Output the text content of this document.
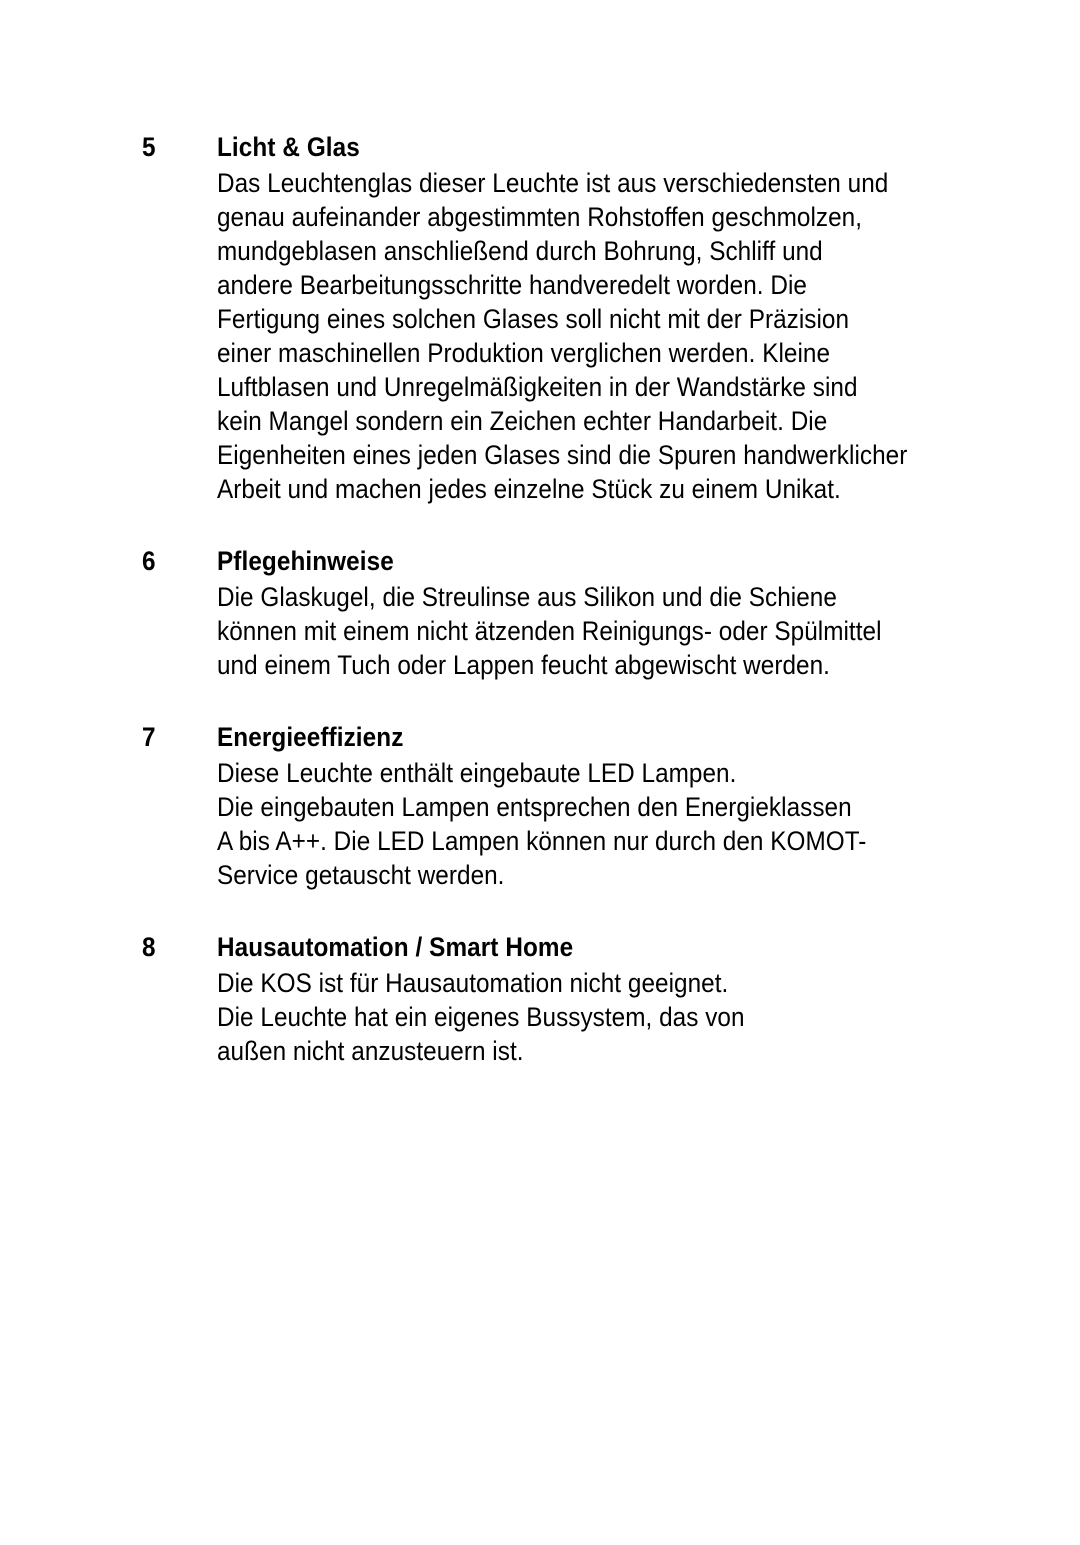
5	Licht & Glas
Das Leuchtenglas dieser Leuchte ist aus verschiedensten und
genau aufeinander abgestimmten Rohstoffen geschmolzen,
mundgeblasen anschließend durch Bohrung, Schliff und
andere Bearbeitungsschritte handveredelt worden. Die
Fertigung eines solchen Glases soll nicht mit der Präzision
einer maschinellen Produktion verglichen werden. Kleine
Luftblasen und Unregelmäßigkeiten in der Wandstärke sind
kein Mangel sondern ein Zeichen echter Handarbeit. Die
Eigenheiten eines jeden Glases sind die Spuren handwerklicher
Arbeit und machen jedes einzelne Stück zu einem Unikat.
6	Pflegehinweise
Die Glaskugel, die Streulinse aus Silikon und die Schiene
können mit einem nicht ätzenden Reinigungs- oder Spülmittel
und einem Tuch oder Lappen feucht abgewischt werden.
7	Energieeffizienz
Diese Leuchte enthält eingebaute LED Lampen.
Die eingebauten Lampen entsprechen den Energieklassen
A bis A++. Die LED Lampen können nur durch den KOMOT-
Service getauscht werden.
8	Hausautomation / Smart Home
Die KOS ist für Hausautomation nicht geeignet.
Die Leuchte hat ein eigenes Bussystem, das von
außen nicht anzusteuern ist.
